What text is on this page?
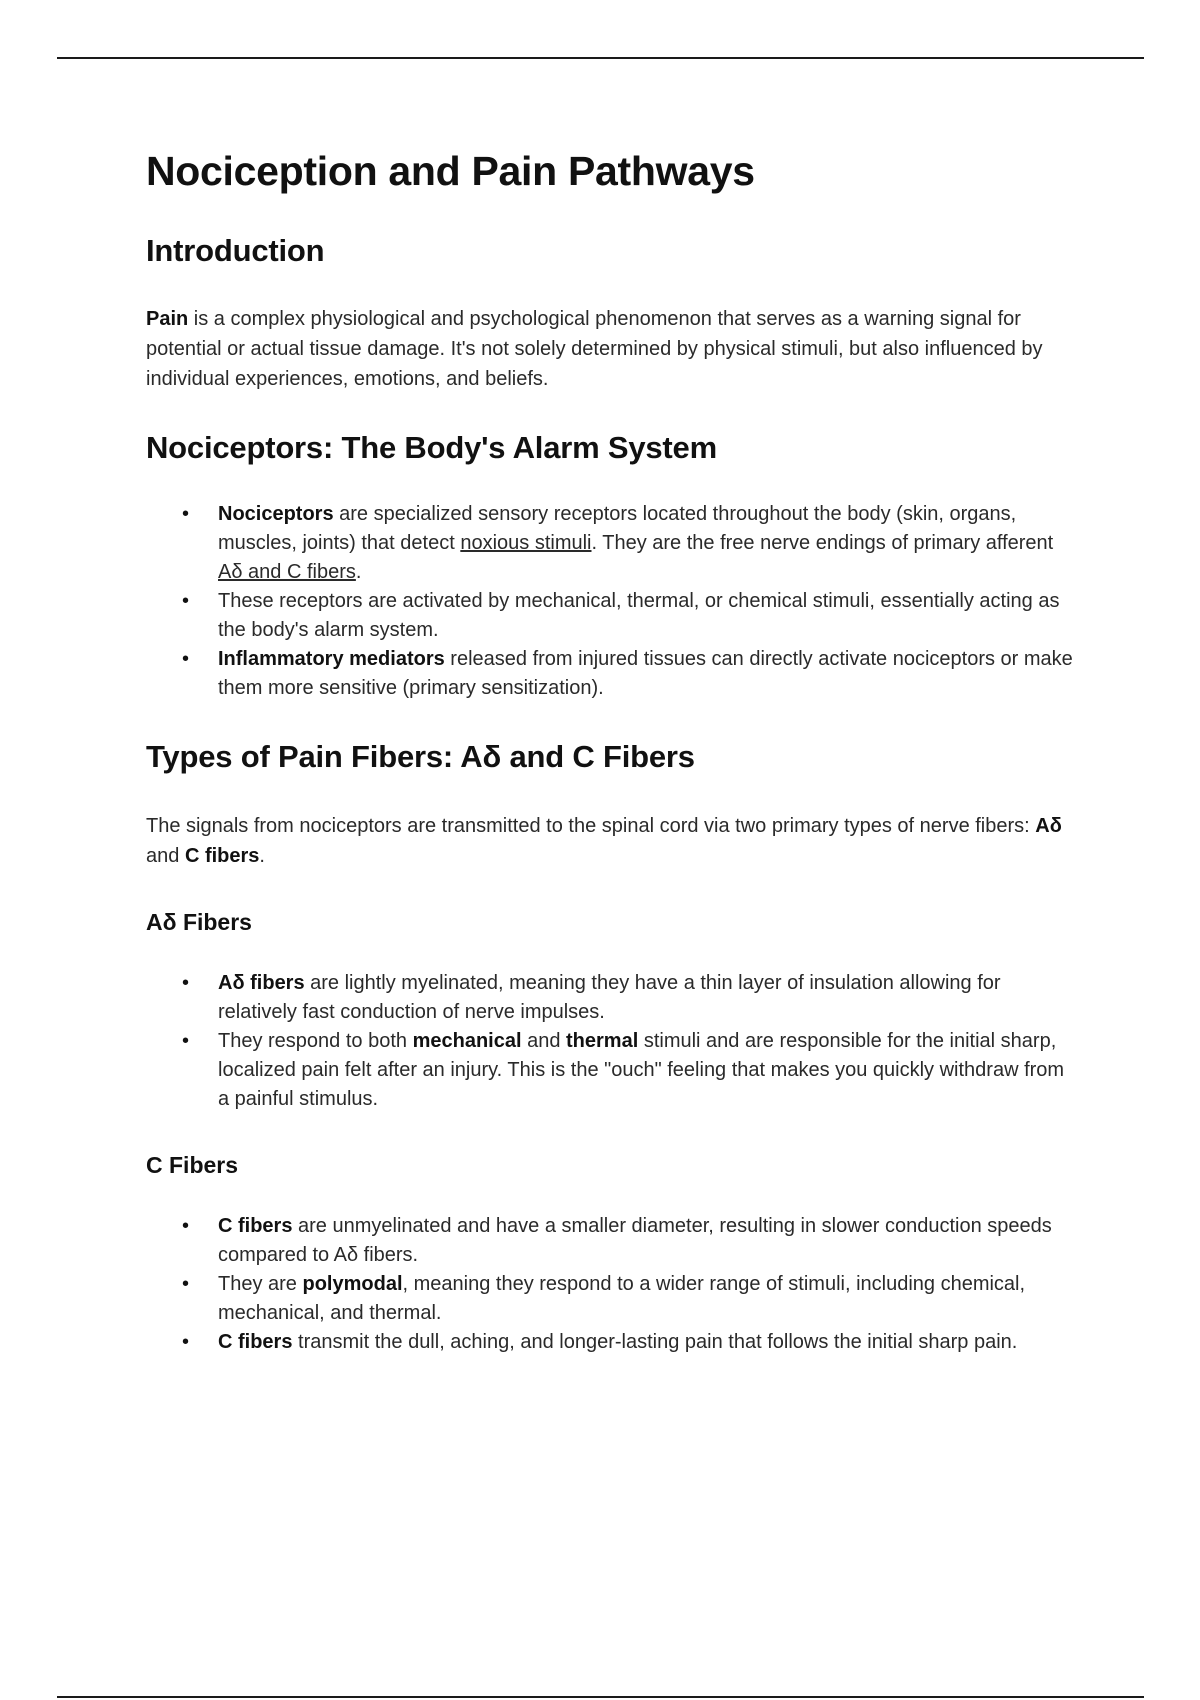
Nociception and Pain Pathways
Introduction

Pain is a complex physiological and psychological phenomenon that serves as a warning signal for potential or actual tissue damage. It's not solely determined by physical stimuli, but also influenced by individual experiences, emotions, and beliefs.

Nociceptors: The Body's Alarm System
• Nociceptors are specialized sensory receptors located throughout the body (skin, organs, muscles, joints) that detect noxious stimuli. They are the free nerve endings of primary afferent Aδ and C fibers.
• These receptors are activated by mechanical, thermal, or chemical stimuli, essentially acting as the body's alarm system.
• Inflammatory mediators released from injured tissues can directly activate nociceptors or make them more sensitive (primary sensitization).
Types of Pain Fibers: Aδ and C Fibers

The signals from nociceptors are transmitted to the spinal cord via two primary types of nerve fibers: Aδ and C fibers.

Aδ Fibers
• Aδ fibers are lightly myelinated, meaning they have a thin layer of insulation allowing for relatively fast conduction of nerve impulses.
• They respond to both mechanical and thermal stimuli and are responsible for the initial sharp, localized pain felt after an injury. This is the "ouch" feeling that makes you quickly withdraw from a painful stimulus.
C Fibers
• C fibers are unmyelinated and have a smaller diameter, resulting in slower conduction speeds compared to Aδ fibers.
• They are polymodal, meaning they respond to a wider range of stimuli, including chemical, mechanical, and thermal.
• C fibers transmit the dull, aching, and longer-lasting pain that follows the initial sharp pain.
